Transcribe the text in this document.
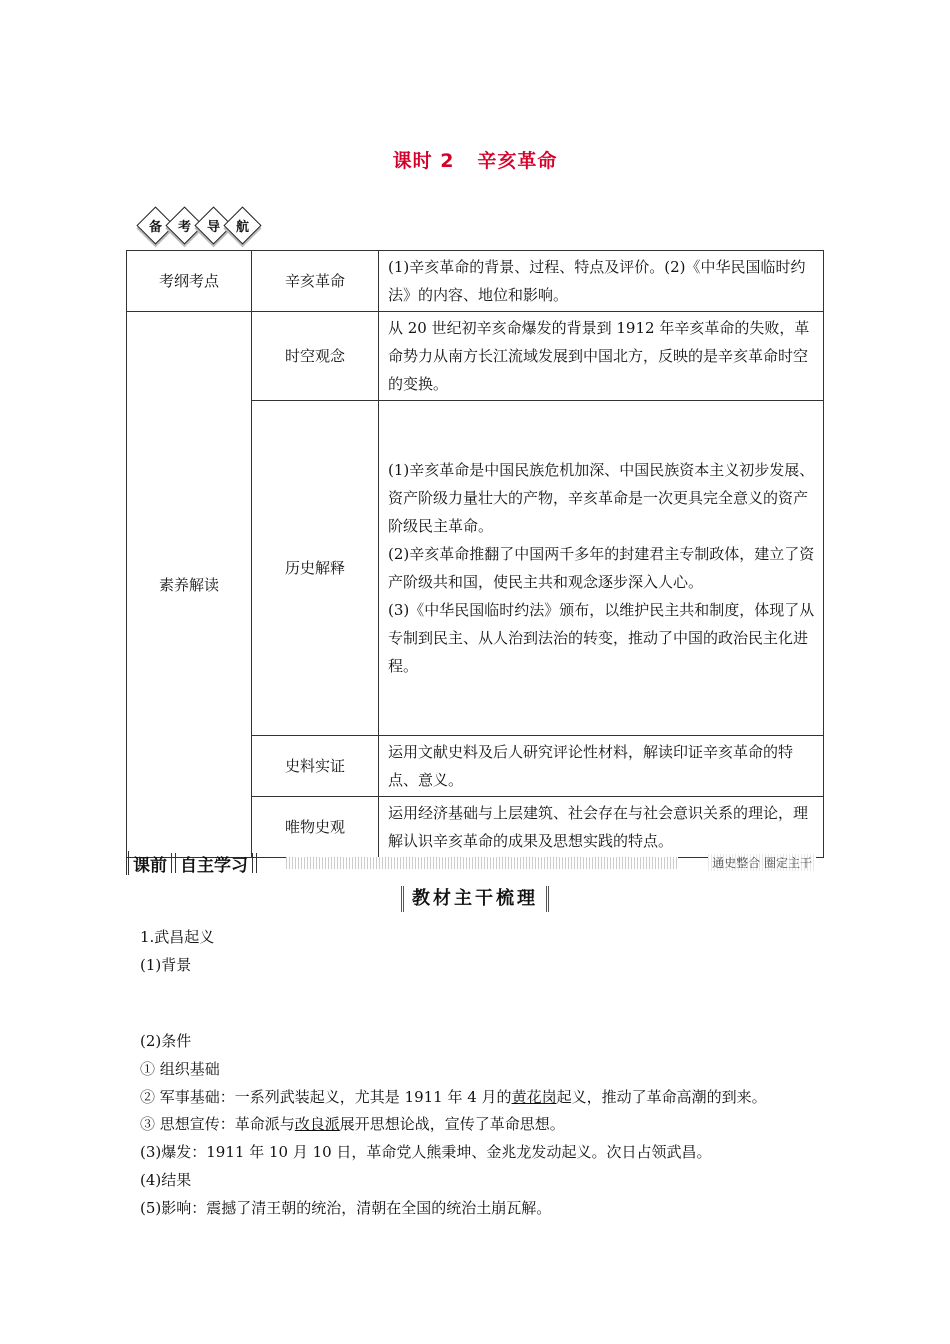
课时 2 辛亥革命
备 考 导 航
考纲考点	辛亥革命	(1)辛亥革命的背景、过程、特点及评价。(2)《中华民国临时约法》的内容、地位和影响。
素养解读	时空观念	从 20 世纪初辛亥命爆发的背景到 1912 年辛亥革命的失败，革命势力从南方长江流域发展到中国北方，反映的是辛亥革命时空的变换。
	历史解释	(1)辛亥革命是中国民族危机加深、中国民族资本主义初步发展、资产阶级力量壮大的产物，辛亥革命是一次更具完全意义的资产阶级民主革命。
(2)辛亥革命推翻了中国两千多年的封建君主专制政体，建立了资产阶级共和国，使民主共和观念逐步深入人心。
(3)《中华民国临时约法》颁布，以维护民主共和制度，体现了从专制到民主、从人治到法治的转变，推动了中国的政治民主化进程。

	史料实证	运用文献史料及后人研究评论性材料，解读印证辛亥革命的特点、意义。
	唯物史观	运用经济基础与上层建筑、社会存在与社会意识关系的理论，理解认识辛亥革命的成果及思想实践的特点。
课前 自主学习	通史整合 圈定主干
教材主干梳理

1.武昌起义

(1)背景

(2)条件

① 组织基础

② 军事基础：一系列武装起义，尤其是 1911 年 4 月的黄花岗起义，推动了革命高潮的到来。

③ 思想宣传：革命派与改良派展开思想论战，宣传了革命思想。

(3)爆发：1911 年 10 月 10 日，革命党人熊秉坤、金兆龙发动起义。次日占领武昌。

(4)结果

(5)影响：震撼了清王朝的统治，清朝在全国的统治土崩瓦解。
